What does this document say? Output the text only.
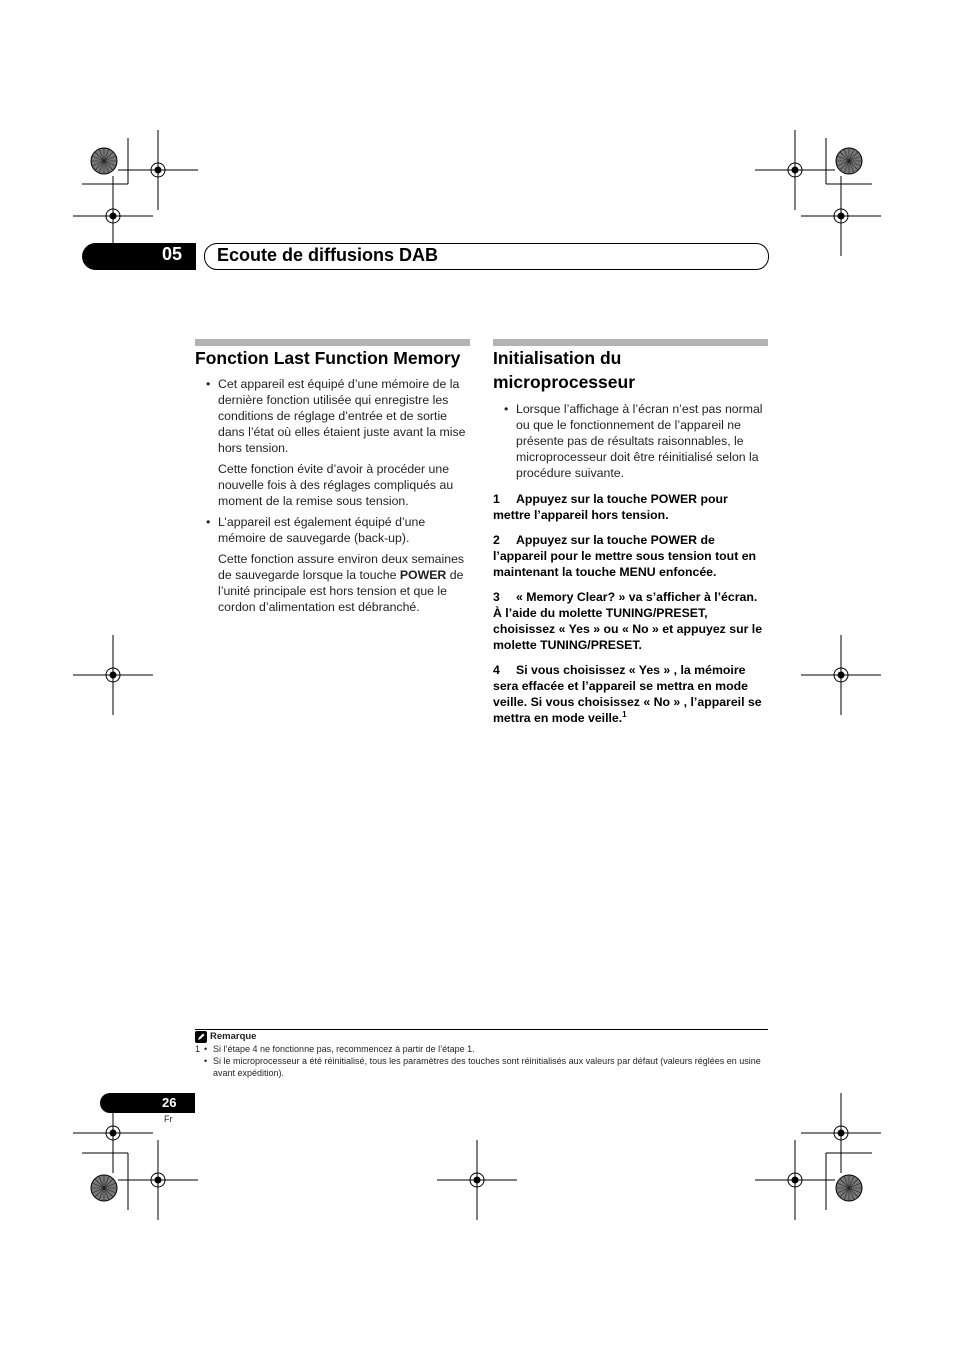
05 Ecoute de diffusions DAB
Fonction Last Function Memory

• Cet appareil est équipé d’une mémoire de la dernière fonction utilisée qui enregistre les conditions de réglage d’entrée et de sortie dans l’état où elles étaient juste avant la mise hors tension.

Cette fonction évite d’avoir à procéder une nouvelle fois à des réglages compliqués au moment de la remise sous tension.

• L’appareil est également équipé d’une mémoire de sauvegarde (back-up).

Cette fonction assure environ deux semaines de sauvegarde lorsque la touche POWER de l’unité principale est hors tension et que le cordon d’alimentation est débranché.

Initialisation du
microprocesseur

• Lorsque l’affichage à l’écran n’est pas normal ou que le fonctionnement de l’appareil ne présente pas de résultats raisonnables, le microprocesseur doit être réinitialisé selon la procédure suivante.

1 Appuyez sur la touche POWER pour mettre l’appareil hors tension.

2 Appuyez sur la touche POWER de l’appareil pour le mettre sous tension tout en maintenant la touche MENU enfoncée.

3 « Memory Clear? » va s’afficher à l’écran. À l’aide du molette TUNING/PRESET, choisissez « Yes » ou « No » et appuyez sur le molette TUNING/PRESET.

4 Si vous choisissez « Yes » , la mémoire sera effacée et l’appareil se mettra en mode veille. Si vous choisissez « No » , l’appareil se mettra en mode veille.$^1$

Remarque
1 • Si l’étape 4 ne fonctionne pas, recommencez à partir de l’étape 1.
• Si le microprocesseur a été réinitialisé, tous les paramètres des touches sont réinitialisés aux valeurs par défaut (valeurs réglées en usine avant expédition).
26
Fr
